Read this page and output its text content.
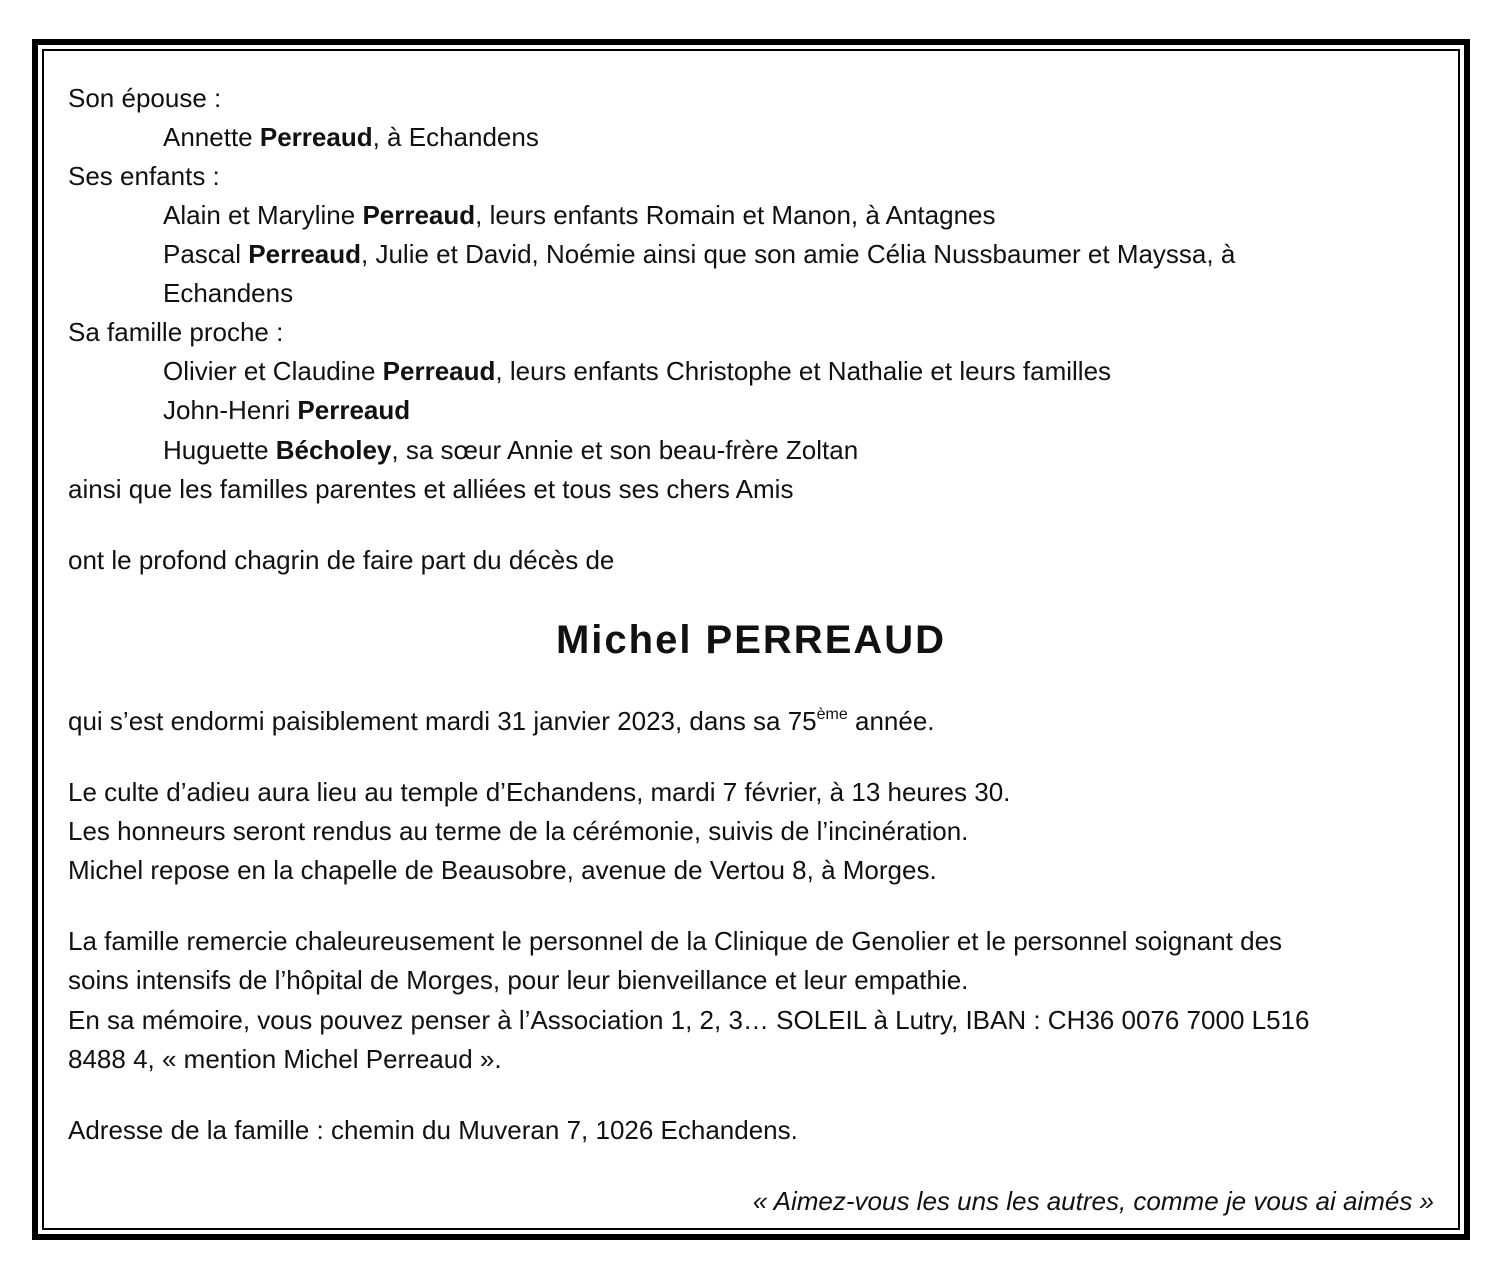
Son épouse :
Annette Perreaud, à Echandens
Ses enfants :
Alain et Maryline Perreaud, leurs enfants Romain et Manon, à Antagnes
Pascal Perreaud, Julie et David, Noémie ainsi que son amie Célia Nussbaumer et Mayssa, à
Echandens
Sa famille proche :
Olivier et Claudine Perreaud, leurs enfants Christophe et Nathalie et leurs familles
John-Henri Perreaud
Huguette Bécholey, sa sœur Annie et son beau-frère Zoltan
ainsi que les familles parentes et alliées et tous ses chers Amis
ont le profond chagrin de faire part du décès de
Michel PERREAUD
qui s’est endormi paisiblement mardi 31 janvier 2023, dans sa 75ème année.
Le culte d’adieu aura lieu au temple d’Echandens, mardi 7 février, à 13 heures 30.
Les honneurs seront rendus au terme de la cérémonie, suivis de l’incinération.
Michel repose en la chapelle de Beausobre, avenue de Vertou 8, à Morges.
La famille remercie chaleureusement le personnel de la Clinique de Genolier et le personnel soignant des
soins intensifs de l’hôpital de Morges, pour leur bienveillance et leur empathie.
En sa mémoire, vous pouvez penser à l’Association 1, 2, 3… SOLEIL à Lutry, IBAN : CH36 0076 7000 L516
8488 4, « mention Michel Perreaud ».
Adresse de la famille : chemin du Muveran 7, 1026 Echandens.
« Aimez-vous les uns les autres, comme je vous ai aimés »
